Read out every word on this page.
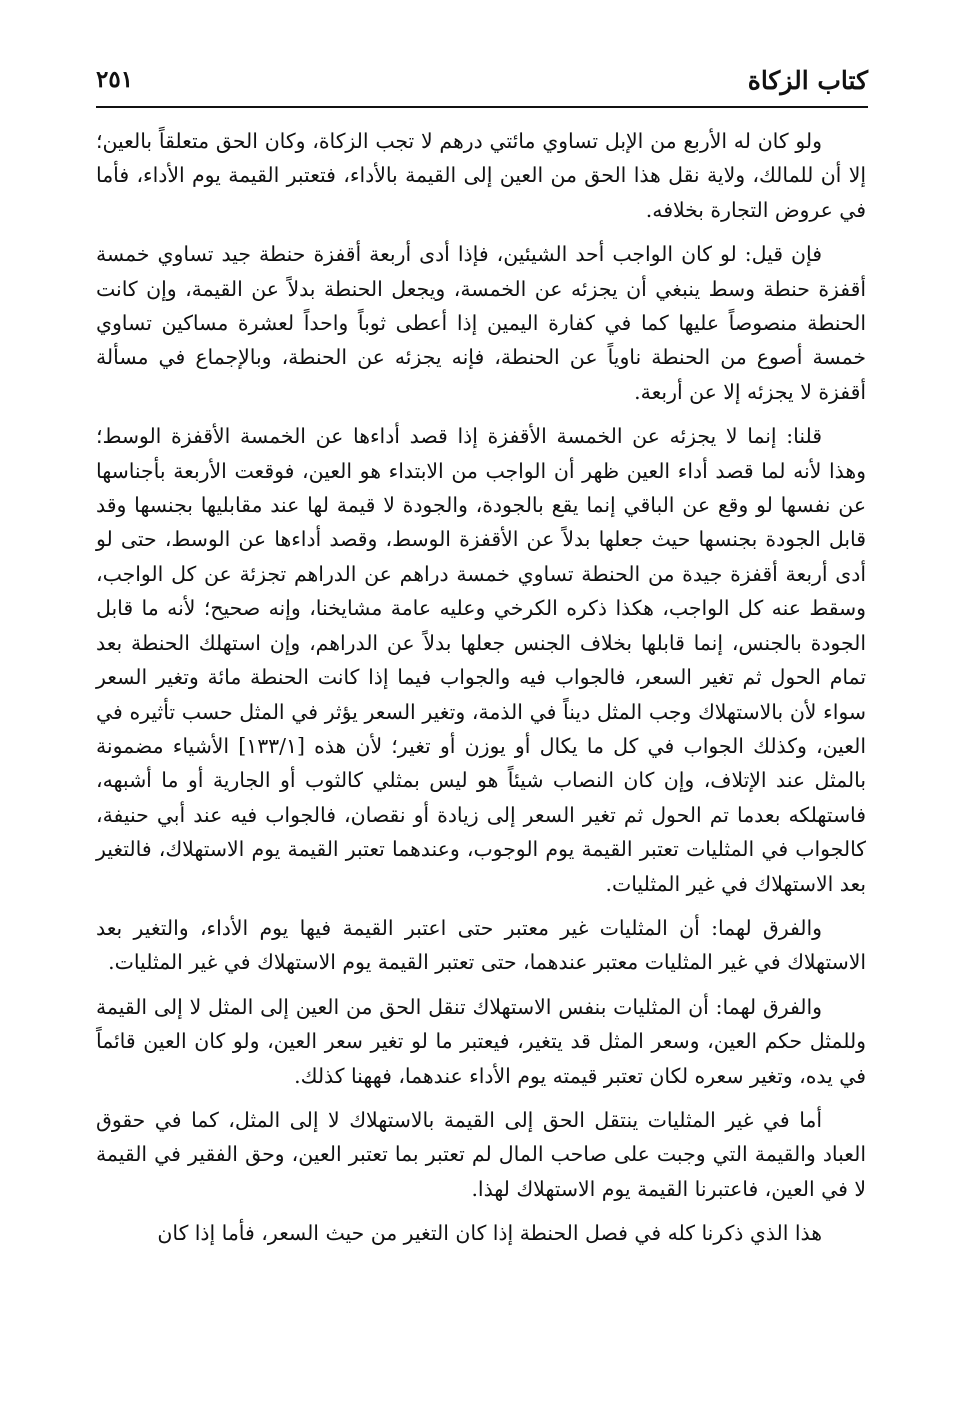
كتاب الزكاة
٢٥١

ولو كان له الأربع من الإبل تساوي مائتي درهم لا تجب الزكاة، وكان الحق متعلقاً بالعين؛ إلا أن للمالك، ولاية نقل هذا الحق من العين إلى القيمة بالأداء، فتعتبر القيمة يوم الأداء، فأما في عروض التجارة بخلافه.

فإن قيل: لو كان الواجب أحد الشيئين، فإذا أدى أربعة أقفزة حنطة جيد تساوي خمسة أقفزة حنطة وسط ينبغي أن يجزئه عن الخمسة، ويجعل الحنطة بدلاً عن القيمة، وإن كانت الحنطة منصوصاً عليها كما في كفارة اليمين إذا أعطى ثوباً واحداً لعشرة مساكين تساوي خمسة أصوع من الحنطة ناوياً عن الحنطة، فإنه يجزئه عن الحنطة، وبالإجماع في مسألة أقفزة لا يجزئه إلا عن أربعة.

قلنا: إنما لا يجزئه عن الخمسة الأقفزة إذا قصد أداءها عن الخمسة الأقفزة الوسط؛ وهذا لأنه لما قصد أداء العين ظهر أن الواجب من الابتداء هو العين، فوقعت الأربعة بأجناسها عن نفسها لو وقع عن الباقي إنما يقع بالجودة، والجودة لا قيمة لها عند مقابليها بجنسها وقد قابل الجودة بجنسها حيث جعلها بدلاً عن الأقفزة الوسط، وقصد أداءها عن الوسط، حتى لو أدى أربعة أقفزة جيدة من الحنطة تساوي خمسة دراهم عن الدراهم تجزئة عن كل الواجب، وسقط عنه كل الواجب، هكذا ذكره الكرخي وعليه عامة مشايخنا، وإنه صحيح؛ لأنه ما قابل الجودة بالجنس، إنما قابلها بخلاف الجنس جعلها بدلاً عن الدراهم، وإن استهلك الحنطة بعد تمام الحول ثم تغير السعر، فالجواب فيه والجواب فيما إذا كانت الحنطة مائة وتغير السعر سواء لأن بالاستهلاك وجب المثل ديناً في الذمة، وتغير السعر يؤثر في المثل حسب تأثيره في العين، وكذلك الجواب في كل ما يكال أو يوزن أو تغير؛ لأن هذه [١٣٣/١] الأشياء مضمونة بالمثل عند الإتلاف، وإن كان النصاب شيئاً هو ليس بمثلي كالثوب أو الجارية أو ما أشبهه، فاستهلكه بعدما تم الحول ثم تغير السعر إلى زيادة أو نقصان، فالجواب فيه عند أبي حنيفة، كالجواب في المثليات تعتبر القيمة يوم الوجوب، وعندهما تعتبر القيمة يوم الاستهلاك، فالتغير بعد الاستهلاك في غير المثليات.

والفرق لهما: أن المثليات غير معتبر حتى اعتبر القيمة فيها يوم الأداء، والتغير بعد الاستهلاك في غير المثليات معتبر عندهما، حتى تعتبر القيمة يوم الاستهلاك في غير المثليات.

والفرق لهما: أن المثليات بنفس الاستهلاك تنقل الحق من العين إلى المثل لا إلى القيمة وللمثل حكم العين، وسعر المثل قد يتغير، فيعتبر ما لو تغير سعر العين، ولو كان العين قائماً في يده، وتغير سعره لكان تعتبر قيمته يوم الأداء عندهما، فههنا كذلك.

أما في غير المثليات ينتقل الحق إلى القيمة بالاستهلاك لا إلى المثل، كما في حقوق العباد والقيمة التي وجبت على صاحب المال لم تعتبر بما تعتبر العين، وحق الفقير في القيمة لا في العين، فاعتبرنا القيمة يوم الاستهلاك لهذا.

هذا الذي ذكرنا كله في فصل الحنطة إذا كان التغير من حيث السعر، فأما إذا كان
